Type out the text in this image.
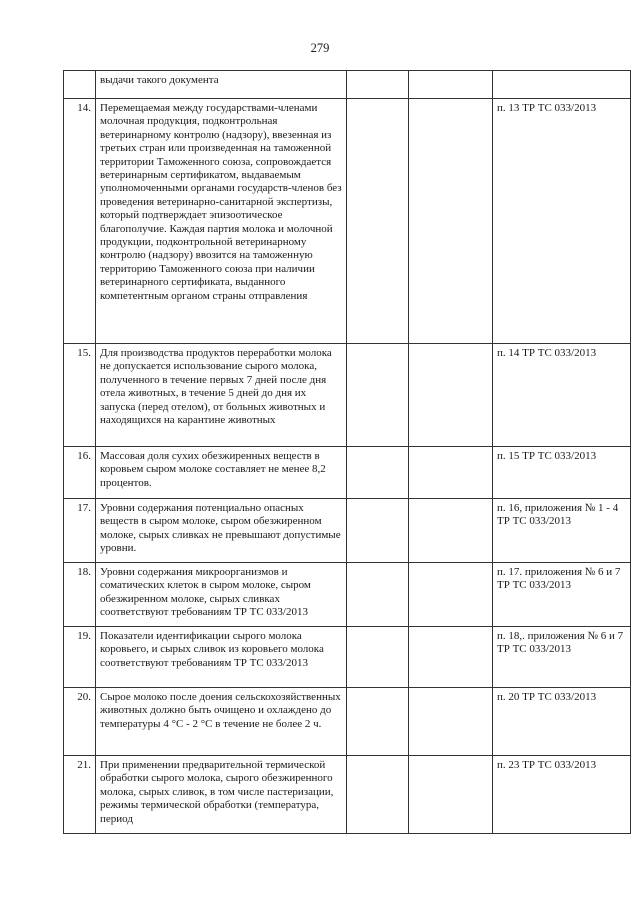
279
	выдачи такого документа			
14.	Перемещаемая между государствами-членами молочная продукция, подконтрольная ветеринарному контролю (надзору), ввезенная из третьих стран или произведенная на таможенной территории Таможенного союза, сопровождается ветеринарным сертификатом, выдаваемым уполномоченными органами государств-членов без проведения ветеринарно-санитарной экспертизы, который подтверждает эпизоотическое благополучие. Каждая партия молока и молочной продукции, подконтрольной ветеринарному контролю (надзору) ввозится на таможенную территорию Таможенного союза при наличии ветеринарного сертификата, выданного компетентным органом страны отправления			п. 13 ТР ТС 033/2013
15.	Для производства продуктов переработки молока не допускается использование сырого молока, полученного в течение первых 7 дней после дня отела животных, в течение 5 дней до дня их запуска (перед отелом), от больных животных и находящихся на карантине животных			п. 14 ТР ТС 033/2013
16.	Массовая доля сухих обезжиренных веществ в коровьем сыром молоке составляет не менее 8,2 процентов.			п. 15 ТР ТС 033/2013
17.	Уровни содержания потенциально опасных веществ в сыром молоке, сыром обезжиренном молоке, сырых сливках не превышают допустимые уровни.			п. 16, приложения № 1 - 4 ТР ТС 033/2013
18.	Уровни содержания микроорганизмов и соматических клеток в сыром молоке, сыром обезжиренном молоке, сырых сливках соответствуют требованиям ТР ТС 033/2013			п. 17. приложения № 6 и 7 ТР ТС 033/2013
19.	Показатели идентификации сырого молока коровьего, и сырых сливок из коровьего молока соответствуют требованиям ТР ТС 033/2013			п. 18,. приложения № 6 и 7 ТР ТС 033/2013
20.	Сырое молоко после доения сельскохозяйственных животных должно быть очищено и охлаждено до температуры 4 °С - 2 °С в течение не более 2 ч.			п. 20 ТР ТС 033/2013
21.	При применении предварительной термической обработки сырого молока, сырого обезжиренного молока, сырых сливок, в том числе пастеризации, режимы термической обработки (температура, период			п. 23 ТР ТС 033/2013
